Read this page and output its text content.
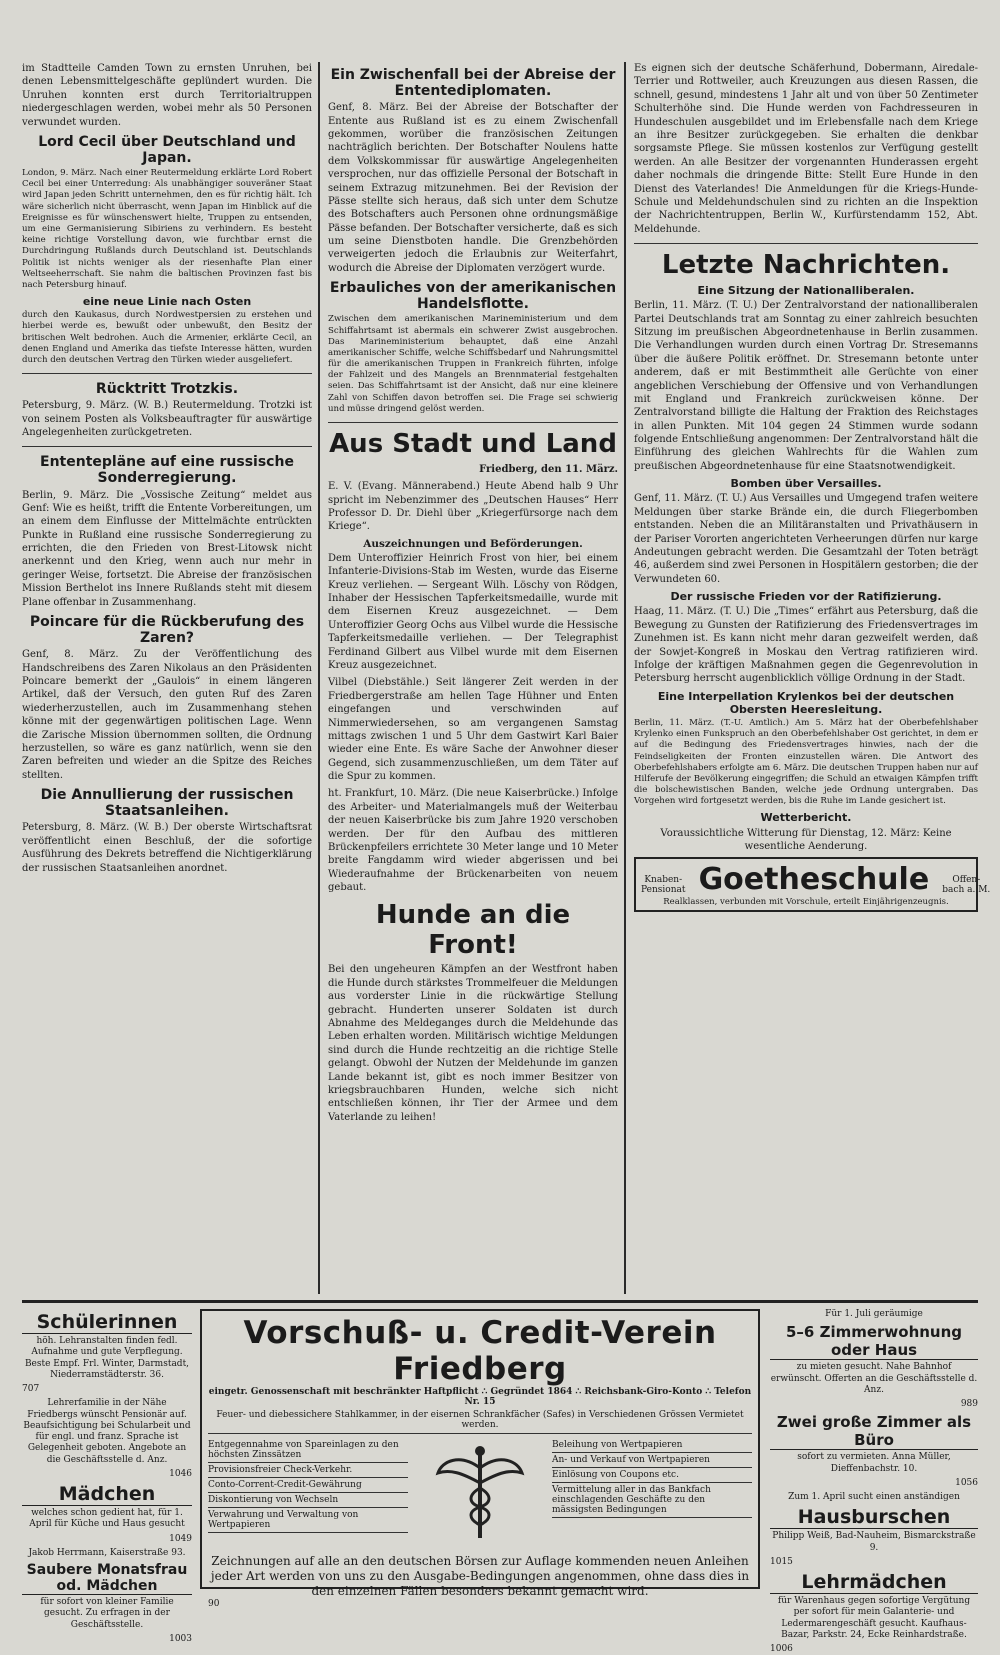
im Stadtteile Camden Town zu ernsten Unruhen, bei denen Lebensmittelgeschäfte geplündert wurden. Die Unruhen konnten erst durch Territorialtruppen niedergeschlagen werden, wobei mehr als 50 Personen verwundet wurden.

Lord Cecil über Deutschland und Japan.

London, 9. März. Nach einer Reutermeldung erklärte Lord Robert Cecil bei einer Unterredung: Als unabhängiger souveräner Staat wird Japan jeden Schritt unternehmen, den es für richtig hält. Ich wäre sicherlich nicht überrascht, wenn Japan im Hinblick auf die Ereignisse es für wünschenswert hielte, Truppen zu entsenden, um eine Germanisierung Sibiriens zu verhindern. Es besteht keine richtige Vorstellung davon, wie furchtbar ernst die Durchdringung Rußlands durch Deutschland ist. Deutschlands Politik ist nichts weniger als der riesenhafte Plan einer Weltseeherrschaft. Sie nahm die baltischen Provinzen fast bis nach Petersburg hinauf.

eine neue Linie nach Osten

durch den Kaukasus, durch Nordwestpersien zu erstehen und hierbei werde es, bewußt oder unbewußt, den Besitz der britischen Welt bedrohen. Auch die Armenier, erklärte Cecil, an denen England und Amerika das tiefste Interesse hätten, wurden durch den deutschen Vertrag den Türken wieder ausgeliefert.

Rücktritt Trotzkis.

Petersburg, 9. März. (W. B.) Reutermeldung. Trotzki ist von seinem Posten als Volksbeauftragter für auswärtige Angelegenheiten zurückgetreten.

Ententepläne auf eine russische Sonderregierung.

Berlin, 9. März. Die „Vossische Zeitung“ meldet aus Genf: Wie es heißt, trifft die Entente Vorbereitungen, um an einem dem Einflusse der Mittelmächte entrückten Punkte in Rußland eine russische Sonderregierung zu errichten, die den Frieden von Brest-Litowsk nicht anerkennt und den Krieg, wenn auch nur mehr in geringer Weise, fortsetzt. Die Abreise der französischen Mission Berthelot ins Innere Rußlands steht mit diesem Plane offenbar in Zusammenhang.

Poincare für die Rückberufung des Zaren?

Genf, 8. März. Zu der Veröffentlichung des Handschreibens des Zaren Nikolaus an den Präsidenten Poincare bemerkt der „Gaulois“ in einem längeren Artikel, daß der Versuch, den guten Ruf des Zaren wiederherzustellen, auch im Zusammenhang stehen könne mit der gegenwärtigen politischen Lage. Wenn die Zarische Mission übernommen sollten, die Ordnung herzustellen, so wäre es ganz natürlich, wenn sie den Zaren befreiten und wieder an die Spitze des Reiches stellten.

Die Annullierung der russischen Staatsanleihen.

Petersburg, 8. März. (W. B.) Der oberste Wirtschaftsrat veröffentlicht einen Beschluß, der die sofortige Ausführung des Dekrets betreffend die Nichtigerklärung der russischen Staatsanleihen anordnet.

Ein Zwischenfall bei der Abreise der Ententediplomaten.

Genf, 8. März. Bei der Abreise der Botschafter der Entente aus Rußland ist es zu einem Zwischenfall gekommen, worüber die französischen Zeitungen nachträglich berichten. Der Botschafter Noulens hatte dem Volkskommissar für auswärtige Angelegenheiten versprochen, nur das offizielle Personal der Botschaft in seinem Extrazug mitzunehmen. Bei der Revision der Pässe stellte sich heraus, daß sich unter dem Schutze des Botschafters auch Personen ohne ordnungsmäßige Pässe befanden. Der Botschafter versicherte, daß es sich um seine Dienstboten handle. Die Grenzbehörden verweigerten jedoch die Erlaubnis zur Weiterfahrt, wodurch die Abreise der Diplomaten verzögert wurde.

Erbauliches von der amerikanischen Handelsflotte.

Zwischen dem amerikanischen Marineministerium und dem Schiffahrtsamt ist abermals ein schwerer Zwist ausgebrochen. Das Marineministerium behauptet, daß eine Anzahl amerikanischer Schiffe, welche Schiffsbedarf und Nahrungsmittel für die amerikanischen Truppen in Frankreich führten, infolge der Fahlzeit und des Mangels an Brennmaterial festgehalten seien. Das Schiffahrtsamt ist der Ansicht, daß nur eine kleinere Zahl von Schiffen davon betroffen sei. Die Frage sei schwierig und müsse dringend gelöst werden.

Aus Stadt und Land

Friedberg, den 11. März.

E. V. (Evang. Männerabend.) Heute Abend halb 9 Uhr spricht im Nebenzimmer des „Deutschen Hauses“ Herr Professor D. Dr. Diehl über „Kriegerfürsorge nach dem Kriege“.

Auszeichnungen und Beförderungen.

Dem Unteroffizier Heinrich Frost von hier, bei einem Infanterie-Divisions-Stab im Westen, wurde das Eiserne Kreuz verliehen. — Sergeant Wilh. Löschy von Rödgen, Inhaber der Hessischen Tapferkeitsmedaille, wurde mit dem Eisernen Kreuz ausgezeichnet. — Dem Unteroffizier Georg Ochs aus Vilbel wurde die Hessische Tapferkeitsmedaille verliehen. — Der Telegraphist Ferdinand Gilbert aus Vilbel wurde mit dem Eisernen Kreuz ausgezeichnet.

Vilbel (Diebstähle.) Seit längerer Zeit werden in der Friedbergerstraße am hellen Tage Hühner und Enten eingefangen und verschwinden auf Nimmerwiedersehen, so am vergangenen Samstag mittags zwischen 1 und 5 Uhr dem Gastwirt Karl Baier wieder eine Ente. Es wäre Sache der Anwohner dieser Gegend, sich zusammenzuschließen, um dem Täter auf die Spur zu kommen.

ht. Frankfurt, 10. März. (Die neue Kaiserbrücke.) Infolge des Arbeiter- und Materialmangels muß der Weiterbau der neuen Kaiserbrücke bis zum Jahre 1920 verschoben werden. Der für den Aufbau des mittleren Brückenpfeilers errichtete 30 Meter lange und 10 Meter breite Fangdamm wird wieder abgerissen und bei Wiederaufnahme der Brückenarbeiten von neuem gebaut.

Hunde an die Front!

Bei den ungeheuren Kämpfen an der Westfront haben die Hunde durch stärkstes Trommelfeuer die Meldungen aus vorderster Linie in die rückwärtige Stellung gebracht. Hunderten unserer Soldaten ist durch Abnahme des Meldeganges durch die Meldehunde das Leben erhalten worden. Militärisch wichtige Meldungen sind durch die Hunde rechtzeitig an die richtige Stelle gelangt. Obwohl der Nutzen der Meldehunde im ganzen Lande bekannt ist, gibt es noch immer Besitzer von kriegsbrauchbaren Hunden, welche sich nicht entschließen können, ihr Tier der Armee und dem Vaterlande zu leihen!

Es eignen sich der deutsche Schäferhund, Dobermann, Airedale-Terrier und Rottweiler, auch Kreuzungen aus diesen Rassen, die schnell, gesund, mindestens 1 Jahr alt und von über 50 Zentimeter Schulterhöhe sind. Die Hunde werden von Fachdresseuren in Hundeschulen ausgebildet und im Erlebensfalle nach dem Kriege an ihre Besitzer zurückgegeben. Sie erhalten die denkbar sorgsamste Pflege. Sie müssen kostenlos zur Verfügung gestellt werden. An alle Besitzer der vorgenannten Hunderassen ergeht daher nochmals die dringende Bitte: Stellt Eure Hunde in den Dienst des Vaterlandes! Die Anmeldungen für die Kriegs-Hunde-Schule und Meldehundschulen sind zu richten an die Inspektion der Nachrichtentruppen, Berlin W., Kurfürstendamm 152, Abt. Meldehunde.

Letzte Nachrichten.
Eine Sitzung der Nationalliberalen.

Berlin, 11. März. (T. U.) Der Zentralvorstand der nationalliberalen Partei Deutschlands trat am Sonntag zu einer zahlreich besuchten Sitzung im preußischen Abgeordnetenhause in Berlin zusammen. Die Verhandlungen wurden durch einen Vortrag Dr. Stresemanns über die äußere Politik eröffnet. Dr. Stresemann betonte unter anderem, daß er mit Bestimmtheit alle Gerüchte von einer angeblichen Verschiebung der Offensive und von Verhandlungen mit England und Frankreich zurückweisen könne. Der Zentralvorstand billigte die Haltung der Fraktion des Reichstages in allen Punkten. Mit 104 gegen 24 Stimmen wurde sodann folgende Entschließung angenommen: Der Zentralvorstand hält die Einführung des gleichen Wahlrechts für die Wahlen zum preußischen Abgeordnetenhause für eine Staatsnotwendigkeit.

Bomben über Versailles.

Genf, 11. März. (T. U.) Aus Versailles und Umgegend trafen weitere Meldungen über starke Brände ein, die durch Fliegerbomben entstanden. Neben die an Militäranstalten und Privathäusern in der Pariser Vororten angerichteten Verheerungen dürfen nur karge Andeutungen gebracht werden. Die Gesamtzahl der Toten beträgt 46, außerdem sind zwei Personen in Hospitälern gestorben; die der Verwundeten 60.

Der russische Frieden vor der Ratifizierung.

Haag, 11. März. (T. U.) Die „Times“ erfährt aus Petersburg, daß die Bewegung zu Gunsten der Ratifizierung des Friedensvertrages im Zunehmen ist. Es kann nicht mehr daran gezweifelt werden, daß der Sowjet-Kongreß in Moskau den Vertrag ratifizieren wird. Infolge der kräftigen Maßnahmen gegen die Gegenrevolution in Petersburg herrscht augenblicklich völlige Ordnung in der Stadt.

Eine Interpellation Krylenkos bei der deutschen Obersten Heeresleitung.

Berlin, 11. März. (T.-U. Amtlich.) Am 5. März hat der Oberbefehlshaber Krylenko einen Funkspruch an den Oberbefehlshaber Ost gerichtet, in dem er auf die Bedingung des Friedensvertrages hinwies, nach der die Feindseligkeiten der Fronten einzustellen wären. Die Antwort des Oberbefehlshabers erfolgte am 6. März. Die deutschen Truppen haben nur auf Hilferufe der Bevölkerung eingegriffen; die Schuld an etwaigen Kämpfen trifft die bolschewistischen Banden, welche jede Ordnung untergraben. Das Vorgehen wird fortgesetzt werden, bis die Ruhe im Lande gesichert ist.

Wetterbericht.

Voraussichtliche Witterung für Dienstag, 12. März: Keine wesentliche Aenderung.

Knaben-
Pensionat Goetheschule	Offen-
bach a. M.
Realklassen, verbunden mit Vorschule, erteilt Einjährigenzeugnis.
Schülerinnen
höh. Lehranstalten finden fedl. Aufnahme und gute Verpflegung. Beste Empf. Frl. Winter, Darmstadt, Niederramstädterstr. 36.
707
Lehrerfamilie in der Nähe Friedbergs wünscht Pensionär auf. Beaufsichtigung bei Schularbeit und für engl. und franz. Sprache ist Gelegenheit geboten. Angebote an die Geschäftsstelle d. Anz.
1046
Mädchen
welches schon gedient hat, für 1. April für Küche und Haus gesucht
1049
Jakob Herrmann, Kaiserstraße 93.
Saubere Monatsfrau od. Mädchen
für sofort von kleiner Familie gesucht. Zu erfragen in der Geschäftsstelle.
1003
Vorschuß- u. Credit-Verein Friedberg
eingetr. Genossenschaft mit beschränkter Haftpflicht ∴ Gegründet 1864 ∴ Reichsbank-Giro-Konto ∴ Telefon Nr. 15
Feuer- und diebessichere Stahlkammer, in der eisernen Schrankfächer (Safes) in Verschiedenen Grössen Vermietet werden.
Entgegennahme von Spareinlagen zu den höchsten Zinssätzen
Provisionsfreier Check-Verkehr.
Conto-Corrent-Credit-Gewährung
Diskontierung von Wechseln
Verwahrung und Verwaltung von Wertpapieren
Beleihung von Wertpapieren
An- und Verkauf von Wertpapieren
Einlösung von Coupons etc.
Vermittelung aller in das Bankfach einschlagenden Geschäfte zu den mässigsten Bedingungen
Zeichnungen auf alle an den deutschen Börsen zur Auflage kommenden neuen Anleihen jeder Art werden von uns zu den Ausgabe-Bedingungen angenommen, ohne dass dies in den einzelnen Fällen besonders bekannt gemacht wird.
90
Für 1. Juli geräumige
5–6 Zimmerwohnung oder Haus
zu mieten gesucht. Nahe Bahnhof erwünscht. Offerten an die Geschäftsstelle d. Anz.
989
Zwei große Zimmer als Büro
sofort zu vermieten. Anna Müller, Dieffenbachstr. 10.
1056
Zum 1. April sucht einen anständigen
Hausburschen
Philipp Weiß, Bad-Nauheim, Bismarckstraße 9.
1015
Lehrmädchen
für Warenhaus gegen sofortige Vergütung per sofort für mein Galanterie- und Ledermarengeschäft gesucht. Kaufhaus-Bazar, Parkstr. 24, Ecke Reinhardstraße.
1006
